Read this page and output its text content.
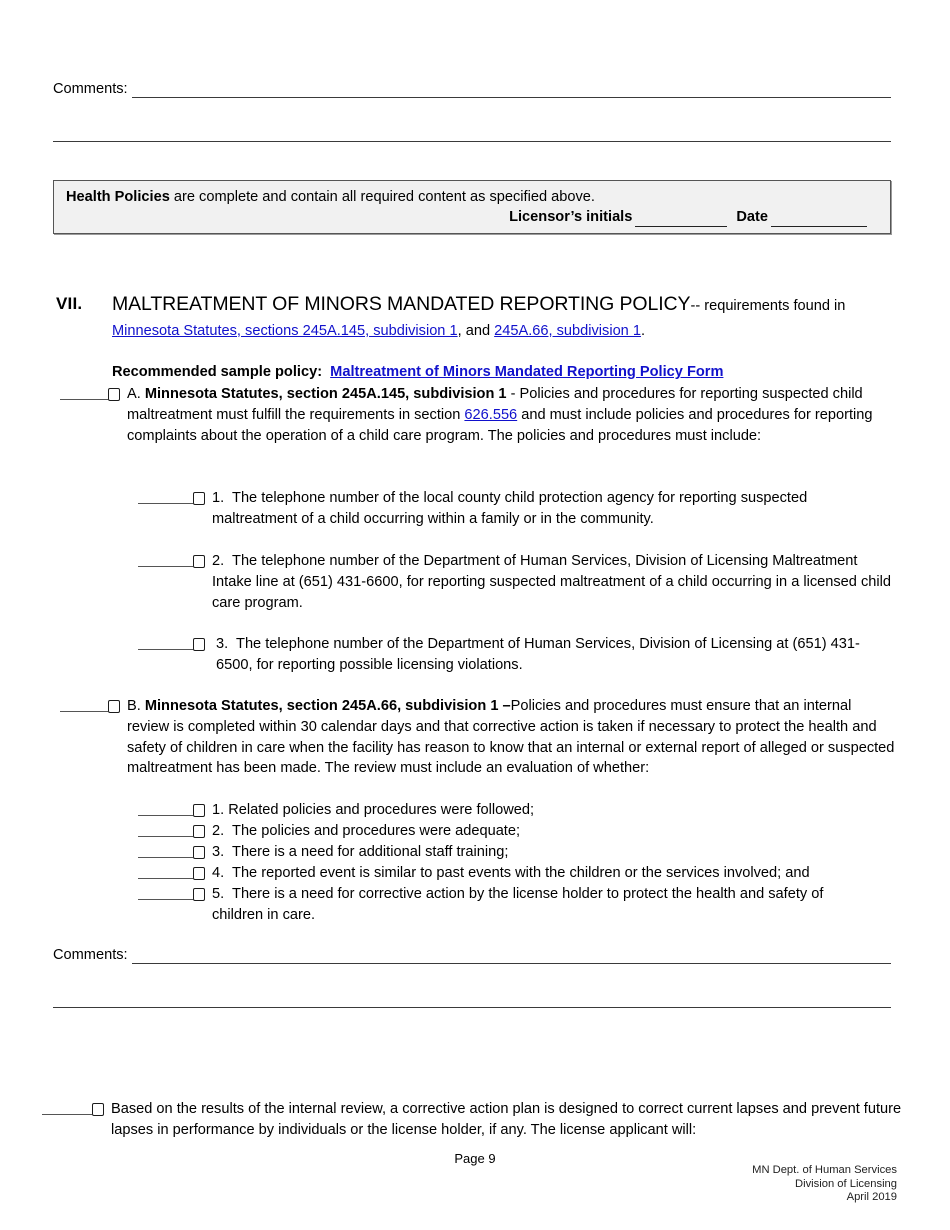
Comments:
Health Policies are complete and contain all required content as specified above.
Licensor’s initials	Date
VII. MALTREATMENT OF MINORS MANDATED REPORTING POLICY-- requirements found in
Minnesota Statutes, sections 245A.145, subdivision 1, and 245A.66, subdivision 1.
Recommended sample policy: Maltreatment of Minors Mandated Reporting Policy Form
A. Minnesota Statutes, section 245A.145, subdivision 1 - Policies and procedures for reporting suspected child maltreatment must fulfill the requirements in section 626.556 and must include policies and procedures for reporting complaints about the operation of a child care program. The policies and procedures must include:
1. The telephone number of the local county child protection agency for reporting suspected maltreatment of a child occurring within a family or in the community.
2. The telephone number of the Department of Human Services, Division of Licensing Maltreatment Intake line at (651) 431-6600, for reporting suspected maltreatment of a child occurring in a licensed child care program.
3. The telephone number of the Department of Human Services, Division of Licensing at (651) 431-6500, for reporting possible licensing violations.
B. Minnesota Statutes, section 245A.66, subdivision 1 –Policies and procedures must ensure that an internal review is completed within 30 calendar days and that corrective action is taken if necessary to protect the health and safety of children in care when the facility has reason to know that an internal or external report of alleged or suspected maltreatment has been made. The review must include an evaluation of whether:
1. Related policies and procedures were followed;
2. The policies and procedures were adequate;
3. There is a need for additional staff training;
4. The reported event is similar to past events with the children or the services involved; and
5. There is a need for corrective action by the license holder to protect the health and safety of children in care.
Comments:
Based on the results of the internal review, a corrective action plan is designed to correct current lapses and prevent future lapses in performance by individuals or the license holder, if any. The license applicant will:
Page 9
MN Dept. of Human Services
Division of Licensing
April 2019
